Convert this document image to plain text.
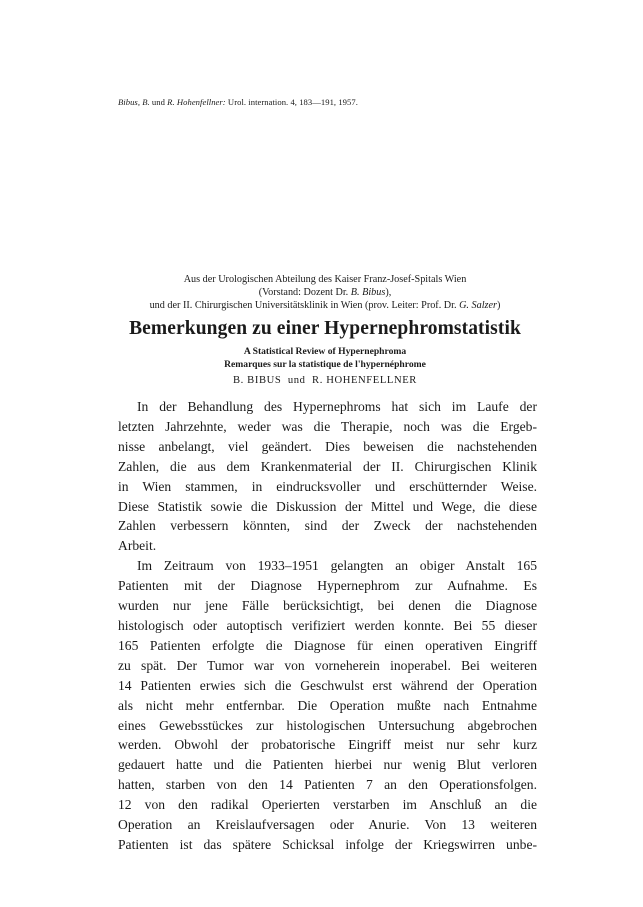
Bibus, B. und R. Hohenfellner: Urol. internation. 4, 183—191, 1957.
Aus der Urologischen Abteilung des Kaiser Franz-Josef-Spitals Wien
(Vorstand: Dozent Dr. B. Bibus),
und der II. Chirurgischen Universitätsklinik in Wien (prov. Leiter: Prof. Dr. G. Salzer)
Bemerkungen zu einer Hypernephromstatistik
A Statistical Review of Hypernephroma
Remarques sur la statistique de l'hypernéphrome
B. BIBUS  und  R. HOHENFELLNER
In der Behandlung des Hypernephroms hat sich im Laufe der
letzten Jahrzehnte, weder was die Therapie, noch was die Ergeb-
nisse anbelangt, viel geändert. Dies beweisen die nachstehenden
Zahlen, die aus dem Krankenmaterial der II. Chirurgischen Klinik
in Wien stammen, in eindrucksvoller und erschütternder Weise.
Diese Statistik sowie die Diskussion der Mittel und Wege, die diese
Zahlen verbessern könnten, sind der Zweck der nachstehenden
Arbeit.
Im Zeitraum von 1933–1951 gelangten an obiger Anstalt 165
Patienten mit der Diagnose Hypernephrom zur Aufnahme. Es
wurden nur jene Fälle berücksichtigt, bei denen die Diagnose
histologisch oder autoptisch verifiziert werden konnte. Bei 55 dieser
165 Patienten erfolgte die Diagnose für einen operativen Eingriff
zu spät. Der Tumor war von vorneherein inoperabel. Bei weiteren
14 Patienten erwies sich die Geschwulst erst während der Operation
als nicht mehr entfernbar. Die Operation mußte nach Entnahme
eines Gewebsstückes zur histologischen Untersuchung abgebrochen
werden. Obwohl der probatorische Eingriff meist nur sehr kurz
gedauert hatte und die Patienten hierbei nur wenig Blut verloren
hatten, starben von den 14 Patienten 7 an den Operationsfolgen.
12 von den radikal Operierten verstarben im Anschluß an die
Operation an Kreislaufversagen oder Anurie. Von 13 weiteren
Patienten ist das spätere Schicksal infolge der Kriegswirren unbe-
